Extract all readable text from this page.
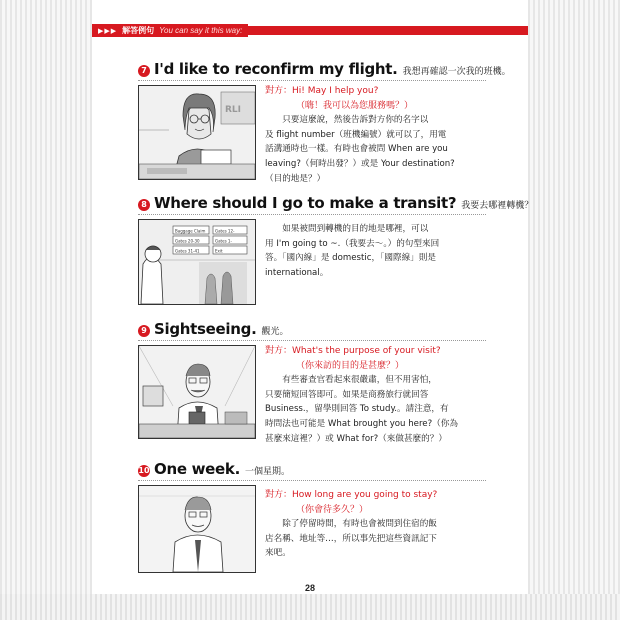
▶▶▶ 解答例句 You can say it this way:
7 I'd like to reconfirm my flight. 我想再確認一次我的班機。
RLI
對方：Hi! May I help you?
（嗨！我可以為您服務嗎？）

只要這麼說，然後告訴對方你的名字以

及 flight number（班機編號）就可以了，用電

話溝通時也一樣。有時也會被問 When are you

leaving?（何時出發？）或是 Your destination?

（目的地是？）

8 Where should I go to make a transit? 我要去哪裡轉機？
Baggage Claim Gates 12-
Gates 20-30	Gates 1-
Gates 31-41	Exit

如果被問到轉機的目的地是哪裡，可以

用 I'm going to ~.（我要去～。）的句型來回

答。「國內線」是 domestic，「國際線」則是

international。

9 Sightseeing. 觀光。
對方：What's the purpose of your visit?
（你來訪的目的是甚麼？）

有些審查官看起來很嚴肅，但不用害怕，

只要簡短回答即可。如果是商務旅行就回答

Business.，留學則回答 To study.。請注意，有

時問法也可能是 What brought you here?（你為

甚麼來這裡？）或 What for?（來做甚麼的？）

10 One week. 一個星期。
對方：How long are you going to stay?
（你會待多久？）

除了停留時間，有時也會被問到住宿的飯

店名稱、地址等…，所以事先把這些資訊記下

來吧。

28
